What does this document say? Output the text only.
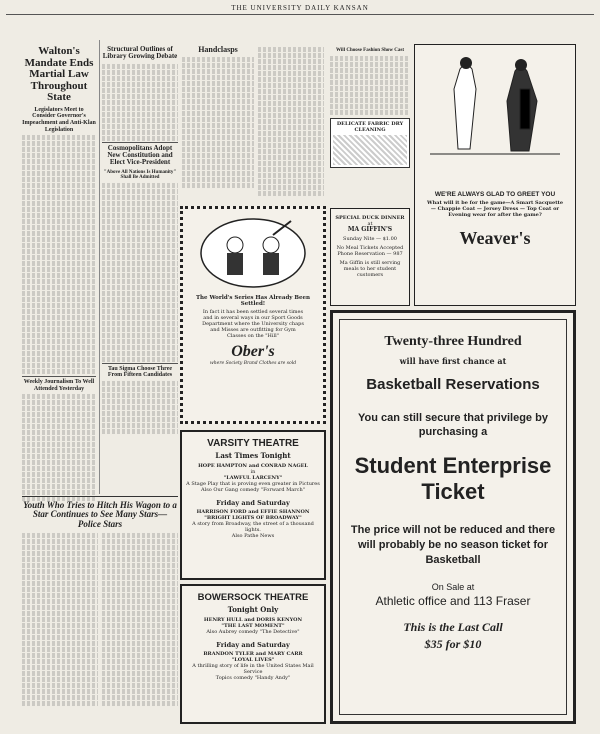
THE UNIVERSITY DAILY KANSAN
Walton's Mandate Ends Martial Law Throughout State
Legislators Meet to Consider Governor's Impeachment and Anti-Klan Legislation
Weekly Journalism To Well Attended Yesterday
Youth Who Tries to Hitch His Wagon to a Star Continues to See Many Stars—Police Stars
Structural Outlines of Library Growing Debate
Cosmopolitans Adopt New Constitution and Elect Vice-President
"Above All Nations Is Humanity" Shall Be Admitted
Tau Sigma Choose Three From Fifteen Candidates
Handclasps
The World's Series Has Already Been Settled!
In fact it has been settled several times and in several ways in our Sport Goods Department where the University chaps and Misses are outfitting for Gym Classes on the "Hill"
Ober's
where Society Brand Clothes are sold
VARSITY THEATRE
Last Times Tonight
HOPE HAMPTON and CONRAD NAGEL
in
"LAWFUL LARCENY"
A Stage Play that is proving even greater in Pictures
Also Our Gang comedy "Forward March"
Friday and Saturday
HARRISON FORD and EFFIE SHANNON
"BRIGHT LIGHTS OF BROADWAY"
A story from Broadway, the street of a thousand lights.
Also Pathe News
BOWERSOCK THEATRE
Tonight Only
HENRY HULL and DORIS KENYON
"THE LAST MOMENT"
Also Aubrey comedy "The Detective"
Friday and Saturday
BRANDON TYLER and MARY CARR
"LOYAL LIVES"
A thrilling story of life in the United States Mail Service
Topics comedy "Handy Andy"
Will Choose Fashion Show Cast
DELICATE FABRIC DRY CLEANING
SPECIAL DUCK DINNER
at
MA GIFFIN'S
Sunday Nite — $1.00
No Meal Tickets Accepted
Phone Reservation — 987
Ma Giffin is still serving meals to her student customers
WE'RE ALWAYS GLAD TO GREET YOU
What will it be for the game—A Smart Sacquette — Chappie Coat — Jersey Dress — Top Coat or Evening wear for after the game?
Weaver's
Twenty-three Hundred
will have first chance at
Basketball Reservations
You can still secure that privilege by purchasing a
Student Enterprise Ticket
The price will not be reduced and there will probably be no season ticket for Basketball
On Sale at
Athletic office and 113 Fraser
This is the Last Call
$35 for $10
